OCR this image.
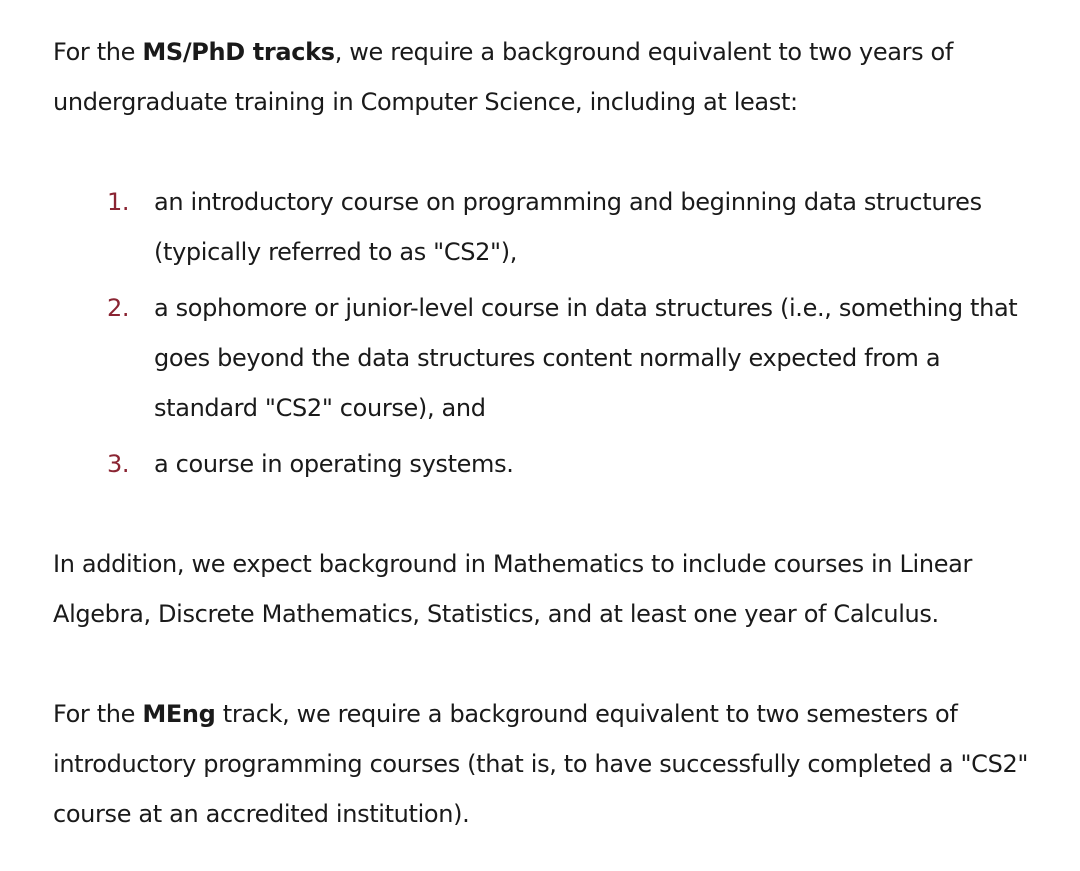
For the MS/PhD tracks, we require a background equivalent to two years of undergraduate training in Computer Science, including at least:

1. an introductory course on programming and beginning data structures (typically referred to as "CS2"),
2. a sophomore or junior-level course in data structures (i.e., something that goes beyond the data structures content normally expected from a standard "CS2" course), and
3. a course in operating systems.

In addition, we expect background in Mathematics to include courses in Linear Algebra, Discrete Mathematics, Statistics, and at least one year of Calculus.

For the MEng track, we require a background equivalent to two semesters of introductory programming courses (that is, to have successfully completed a "CS2" course at an accredited institution).
